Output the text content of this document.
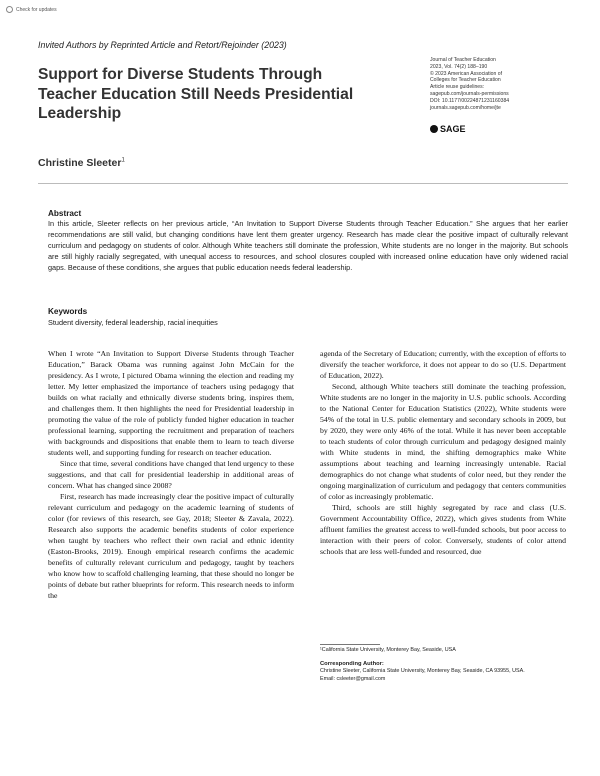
Check for updates
Invited Authors by Reprinted Article and Retort/Rejoinder (2023)
Support for Diverse Students Through Teacher Education Still Needs Presidential Leadership
Journal of Teacher Education
2023, Vol. 74(2) 188–190
© 2023 American Association of
Colleges for Teacher Education
Article reuse guidelines:
sagepub.com/journals-permissions
DOI: 10.1177/00224871231160384
journals.sagepub.com/home/jte
SAGE
Christine Sleeter$^1$
Abstract
In this article, Sleeter reflects on her previous article, “An Invitation to Support Diverse Students through Teacher Education.” She argues that her earlier recommendations are still valid, but changing conditions have lent them greater urgency. Research has made clear the positive impact of culturally relevant curriculum and pedagogy on students of color. Although White teachers still dominate the profession, White students are no longer in the majority. But schools are still highly racially segregated, with unequal access to resources, and school closures coupled with increased online education have only widened racial gaps. Because of these conditions, she argues that public education needs federal leadership.
Keywords
Student diversity, federal leadership, racial inequities

When I wrote “An Invitation to Support Diverse Students through Teacher Education,” Barack Obama was running against John McCain for the presidency. As I wrote, I pictured Obama winning the election and reading my letter. My letter emphasized the importance of teachers using pedagogy that builds on what racially and ethnically diverse students bring, inspires them, and challenges them. It then highlights the need for Presidential leadership in promoting the value of the role of publicly funded higher education in teacher professional learning, supporting the recruitment and preparation of teachers with backgrounds and dispositions that enable them to learn to teach diverse students well, and supporting funding for research on teacher education.

Since that time, several conditions have changed that lend urgency to these suggestions, and that call for presidential leadership in additional areas of concern. What has changed since 2008?

First, research has made increasingly clear the positive impact of culturally relevant curriculum and pedagogy on the academic learning of students of color (for reviews of this research, see Gay, 2018; Sleeter & Zavala, 2022). Research also supports the academic benefits students of color experience when taught by teachers who reflect their own racial and ethnic identity (Easton-Brooks, 2019). Enough empirical research confirms the academic benefits of culturally relevant curriculum and pedagogy, taught by teachers who know how to scaffold challenging learning, that these should no longer be points of debate but rather blueprints for reform. This research needs to inform the

agenda of the Secretary of Education; currently, with the exception of efforts to diversify the teacher workforce, it does not appear to do so (U.S. Department of Education, 2022).

Second, although White teachers still dominate the teaching profession, White students are no longer in the majority in U.S. public schools. According to the National Center for Education Statistics (2022), White students were 54% of the total in U.S. public elementary and secondary schools in 2009, but by 2020, they were only 46% of the total. While it has never been acceptable to teach students of color through curriculum and pedagogy designed mainly with White students in mind, the shifting demographics make White assumptions about teaching and learning increasingly untenable. Racial demographics do not change what students of color need, but they render the ongoing marginalization of curriculum and pedagogy that centers communities of color as increasingly problematic.

Third, schools are still highly segregated by race and class (U.S. Government Accountability Office, 2022), which gives students from White affluent families the greatest access to well-funded schools, but poor access to interaction with their peers of color. Conversely, students of color attend schools that are less well-funded and resourced, due

¹California State University, Monterey Bay, Seaside, USA
Corresponding Author:
Christine Sleeter, California State University, Monterey Bay, Seaside, CA 93955, USA.
Email: csleeter@gmail.com
